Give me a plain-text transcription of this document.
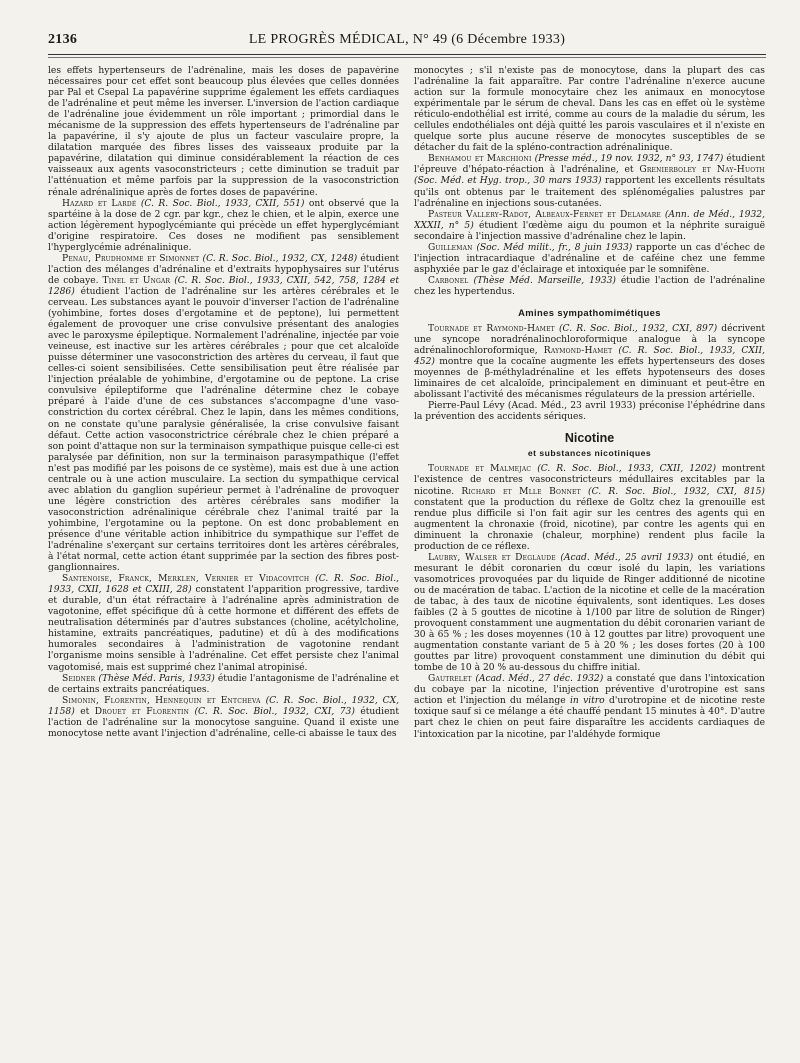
2136	LE PROGRÈS MÉDICAL, N° 49 (6 Décembre 1933)

les effets hypertenseurs de l'adrénaline, mais les doses de papavérine nécessaires pour cet effet sont beaucoup plus élevées que celles données par Pal et Csepal La papavérine supprime également les effets cardiaques de l'adrénaline et peut même les inverser. L'inversion de l'action cardiaque de l'adrénaline joue évidemment un rôle important ; primordial dans le mécanisme de la suppression des effets hypertenseurs de l'adrénaline par la papavérine, il s'y ajoute de plus un facteur vasculaire propre, la dilatation marquée des fibres lisses des vaisseaux produite par la papavérine, dilatation qui diminue considérablement la réaction de ces vaisseaux aux agents vasoconstricteurs ; cette diminution se traduit par l'atténuation et même parfois par la suppression de la vasoconstriction rénale adrénalinique après de fortes doses de papavérine.

Hazard et Lardé (C. R. Soc. Biol., 1933, CXII, 551) ont observé que la spartéine à la dose de 2 cgr. par kgr., chez le chien, et le alpin, exerce une action légèrement hypoglycémiante qui précède un effet hyperglycémiant d'origine respiratoire. Ces doses ne modifient pas sensiblement l'hyperglycémie adrénalinique.

Penau, Prudhomme et Simonnet (C. R. Soc. Biol., 1932, CX, 1248) étudient l'action des mélanges d'adrénaline et d'extraits hypophysaires sur l'utérus de cobaye. Tinel et Ungar (C. R. Soc. Biol., 1933, CXII, 542, 758, 1284 et 1286) étudient l'action de l'adrénaline sur les artères cérébrales et le cerveau. Les substances ayant le pouvoir d'inverser l'action de l'adrénaline (yohimbine, fortes doses d'ergotamine et de peptone), lui permettent également de provoquer une crise convulsive présentant des analogies avec le paroxysme épileptique. Normalement l'adrénaline, injectée par voie veineuse, est inactive sur les artères cérébrales ; pour que cet alcaloïde puisse déterminer une vasoconstriction des artères du cerveau, il faut que celles-ci soient sensibilisées. Cette sensibilisation peut être réalisée par l'injection préalable de yohimbine, d'ergotamine ou de peptone. La crise convulsive épileptiforme que l'adrénaline détermine chez le cobaye préparé à l'aide d'une de ces substances s'accompagne d'une vaso-constriction du cortex cérébral. Chez le lapin, dans les mêmes conditions, on ne constate qu'une paralysie généralisée, la crise convulsive faisant défaut. Cette action vasoconstrictrice cérébrale chez le chien préparé a son point d'attaque non sur la terminaison sympathique puisque celle-ci est paralysée par définition, non sur la terminaison parasympathique (l'effet n'est pas modifié par les poisons de ce système), mais est due à une action centrale ou à une action musculaire. La section du sympathique cervical avec ablation du ganglion supérieur permet à l'adrénaline de provoquer une légère constriction des artères cérébrales sans modifier la vasoconstriction adrénalinique cérébrale chez l'animal traité par la yohimbine, l'ergotamine ou la peptone. On est donc probablement en présence d'une véritable action inhibitrice du sympathique sur l'effet de l'adrénaline s'exerçant sur certains territoires dont les artères cérébrales, à l'état normal, cette action étant supprimée par la section des fibres post-ganglionnaires.

Santenoise, Franck, Merklen, Vernier et Vidacovitch (C. R. Soc. Biol., 1933, CXII, 1628 et CXIII, 28) constatent l'apparition progressive, tardive et durable, d'un état réfractaire à l'adrénaline après administration de vagotonine, effet spécifique dû à cette hormone et différent des effets de neutralisation déterminés par d'autres substances (choline, acétylcholine, histamine, extraits pancréatiques, padutine) et dû à des modifications humorales secondaires à l'administration de vagotonine rendant l'organisme moins sensible à l'adrénaline. Cet effet persiste chez l'animal vagotomisé, mais est supprimé chez l'animal atropinisé.

Seidner (Thèse Méd. Paris, 1933) étudie l'antagonisme de l'adrénaline et de certains extraits pancréatiques.

Simonin, Florentin, Hennequin et Entcheva (C. R. Soc. Biol., 1932, CX, 1158) et Drouet et Florentin (C. R. Soc. Biol., 1932, CXI, 73) étudient l'action de l'adrénaline sur la monocytose sanguine. Quand il existe une monocytose nette avant l'injection d'adrénaline, celle-ci abaisse le taux des

monocytes ; s'il n'existe pas de monocytose, dans la plupart des cas l'adrénaline la fait apparaître. Par contre l'adrénaline n'exerce aucune action sur la formule monocytaire chez les animaux en monocytose expérimentale par le sérum de cheval. Dans les cas en effet où le système réticulo-endothélial est irrité, comme au cours de la maladie du sérum, les cellules endothéliales ont déjà quitté les parois vasculaires et il n'existe en quelque sorte plus aucune réserve de monocytes susceptibles de se détacher du fait de la spléno-contraction adrénalinique.

Benhamou et Marchioni (Presse méd., 19 nov. 1932, n° 93, 1747) étudient l'épreuve d'hépato-réaction à l'adrénaline, et Grenierboley et Nay-Huoth (Soc. Méd. et Hyg. trop., 30 mars 1933) rapportent les excellents résultats qu'ils ont obtenus par le traitement des splénomégalies palustres par l'adrénaline en injections sous-cutanées.

Pasteur Vallery-Radot, Albeaux-Fernet et Delamare (Ann. de Méd., 1932, XXXII, n° 5) étudient l'œdème aigu du poumon et la néphrite suraiguë secondaire à l'injection massive d'adrénaline chez le lapin.

Guilleman (Soc. Méd milit., fr., 8 juin 1933) rapporte un cas d'échec de l'injection intracardiaque d'adrénaline et de caféine chez une femme asphyxiée par le gaz d'éclairage et intoxiquée par le somnifène.

Carbonel (Thèse Méd. Marseille, 1933) étudie l'action de l'adrénaline chez les hypertendus.

Amines sympathomimétiques

Tournade et Raymond-Hamet (C. R. Soc. Biol., 1932, CXI, 897) décrivent une syncope noradrénalinochloroformique analogue à la syncope adrénalinochloroformique, Raymond-Hamet (C. R. Soc. Biol., 1933, CXII, 452) montre que la cocaïne augmente les effets hypertenseurs des doses moyennes de β-méthyladrénaline et les effets hypotenseurs des doses liminaires de cet alcaloïde, principalement en diminuant et peut-être en abolissant l'activité des mécanismes régulateurs de la pression artérielle.

Pierre-Paul Lévy (Acad. Méd., 23 avril 1933) préconise l'éphédrine dans la prévention des accidents sériques.

Nicotine
et substances nicotiniques

Tournade et Malmejac (C. R. Soc. Biol., 1933, CXII, 1202) montrent l'existence de centres vasoconstricteurs médullaires excitables par la nicotine. Richard et Mlle Bonnet (C. R. Soc. Biol., 1932, CXI, 815) constatent que la production du réflexe de Goltz chez la grenouille est rendue plus difficile si l'on fait agir sur les centres des agents qui en augmentent la chronaxie (froid, nicotine), par contre les agents qui en diminuent la chronaxie (chaleur, morphine) rendent plus facile la production de ce réflexe.

Laubry, Walser et Deglaude (Acad. Méd., 25 avril 1933) ont étudié, en mesurant le débit coronarien du cœur isolé du lapin, les variations vasomotrices provoquées par du liquide de Ringer additionné de nicotine ou de macération de tabac. L'action de la nicotine et celle de la macération de tabac, à des taux de nicotine équivalents, sont identiques. Les doses faibles (2 à 5 gouttes de nicotine à 1/100 par litre de solution de Ringer) provoquent constamment une augmentation du débit coronarien variant de 30 à 65 % ; les doses moyennes (10 à 12 gouttes par litre) provoquent une augmentation constante variant de 5 à 20 % ; les doses fortes (20 à 100 gouttes par litre) provoquent constamment une diminution du débit qui tombe de 10 à 20 % au-dessous du chiffre initial.

Gautrelet (Acad. Méd., 27 déc. 1932) a constaté que dans l'intoxication du cobaye par la nicotine, l'injection préventive d'urotropine est sans action et l'injection du mélange in vitro d'urotropine et de nicotine reste toxique sauf si ce mélange a été chauffé pendant 15 minutes à 40°. D'autre part chez le chien on peut faire disparaître les accidents cardiaques de l'intoxication par la nicotine, par l'aldéhyde formique
